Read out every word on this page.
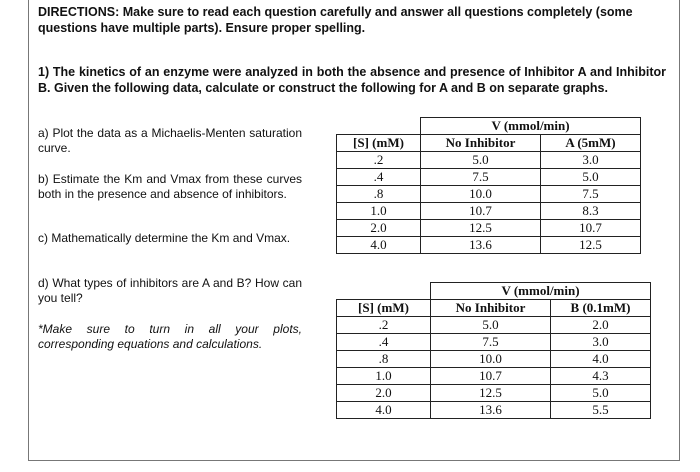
DIRECTIONS: Make sure to read each question carefully and answer all questions completely (some questions have multiple parts). Ensure proper spelling.
1) The kinetics of an enzyme were analyzed in both the absence and presence of Inhibitor A and Inhibitor B. Given the following data, calculate or construct the following for A and B on separate graphs.
a) Plot the data as a Michaelis-Menten saturation curve.
b) Estimate the Km and Vmax from these curves both in the presence and absence of inhibitors.
c) Mathematically determine the Km and Vmax.
d) What types of inhibitors are A and B? How can you tell?
*Make sure to turn in all your plots, corresponding equations and calculations.
	V (mmol/min)	
[S] (mM)	No Inhibitor	A (5mM)
.2	5.0	3.0
.4	7.5	5.0
.8	10.0	7.5
1.0	10.7	8.3
2.0	12.5	10.7
4.0	13.6	12.5
	V (mmol/min)	
[S] (mM)	No Inhibitor	B (0.1mM)
.2	5.0	2.0
.4	7.5	3.0
.8	10.0	4.0
1.0	10.7	4.3
2.0	12.5	5.0
4.0	13.6	5.5
